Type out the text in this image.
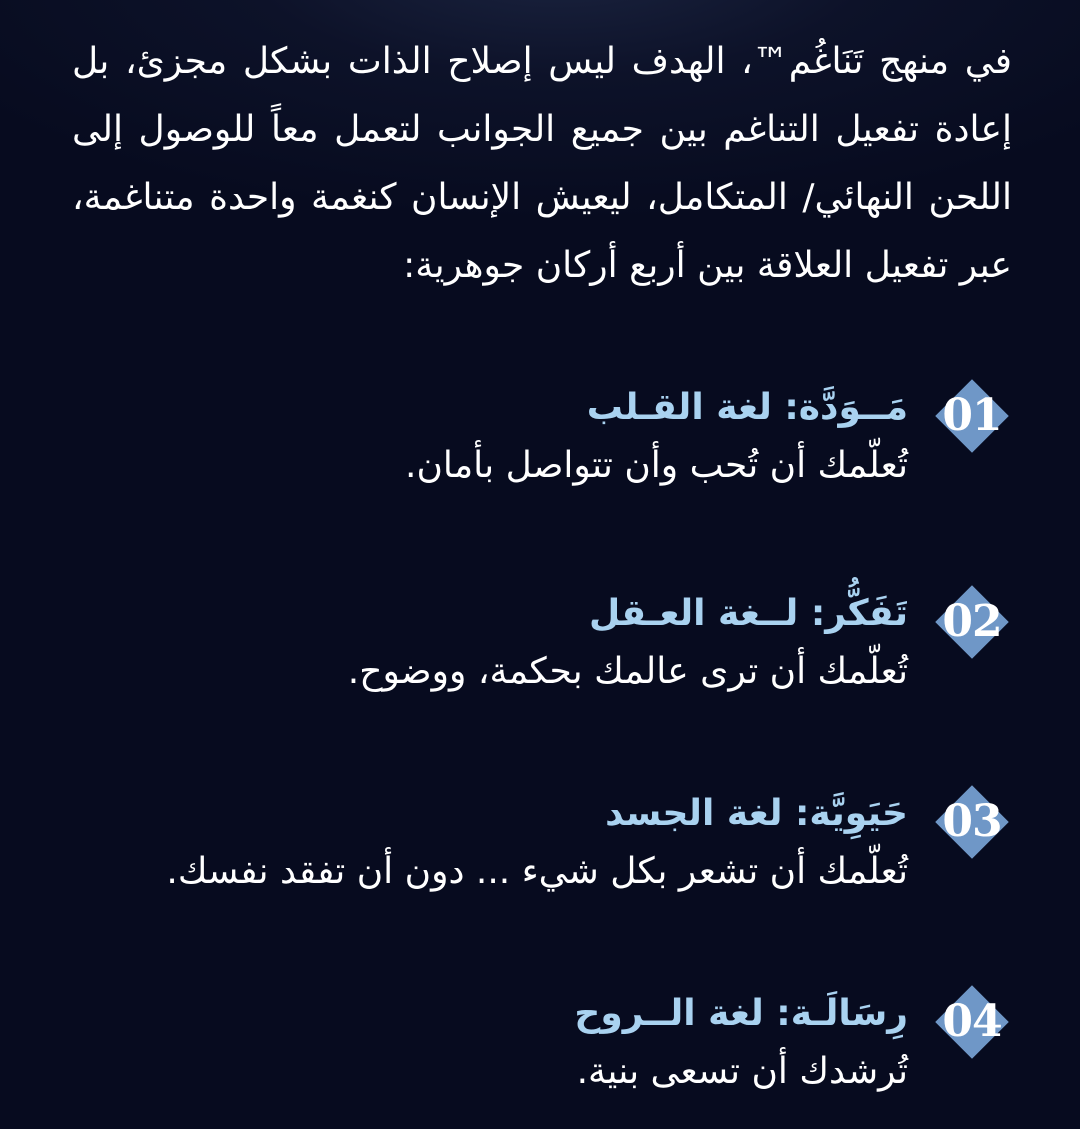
في منهج تَنَاغُم™، الهدف ليس إصلاح الذات بشكل مجزئ، بل إعادة تفعيل التناغم بين جميع الجوانب لتعمل معاً للوصول إلى اللحن النهائي/ المتكامل، ليعيش الإنسان كنغمة واحدة متناغمة، عبر تفعيل العلاقة بين أربع أركان جوهرية:

01
مَــوَدَّة: لغة القـلب

تُعلّمك أن تُحب وأن تتواصل بأمان.

02
تَفَكُّر: لــغة العـقل

تُعلّمك أن ترى عالمك بحكمة، ووضوح.

03
حَيَوِيَّة: لغة الجسد

تُعلّمك أن تشعر بكل شيء ... دون أن تفقد نفسك.

04
رِسَالَـة: لغة الــروح

تُرشدك أن تسعى بنية.
